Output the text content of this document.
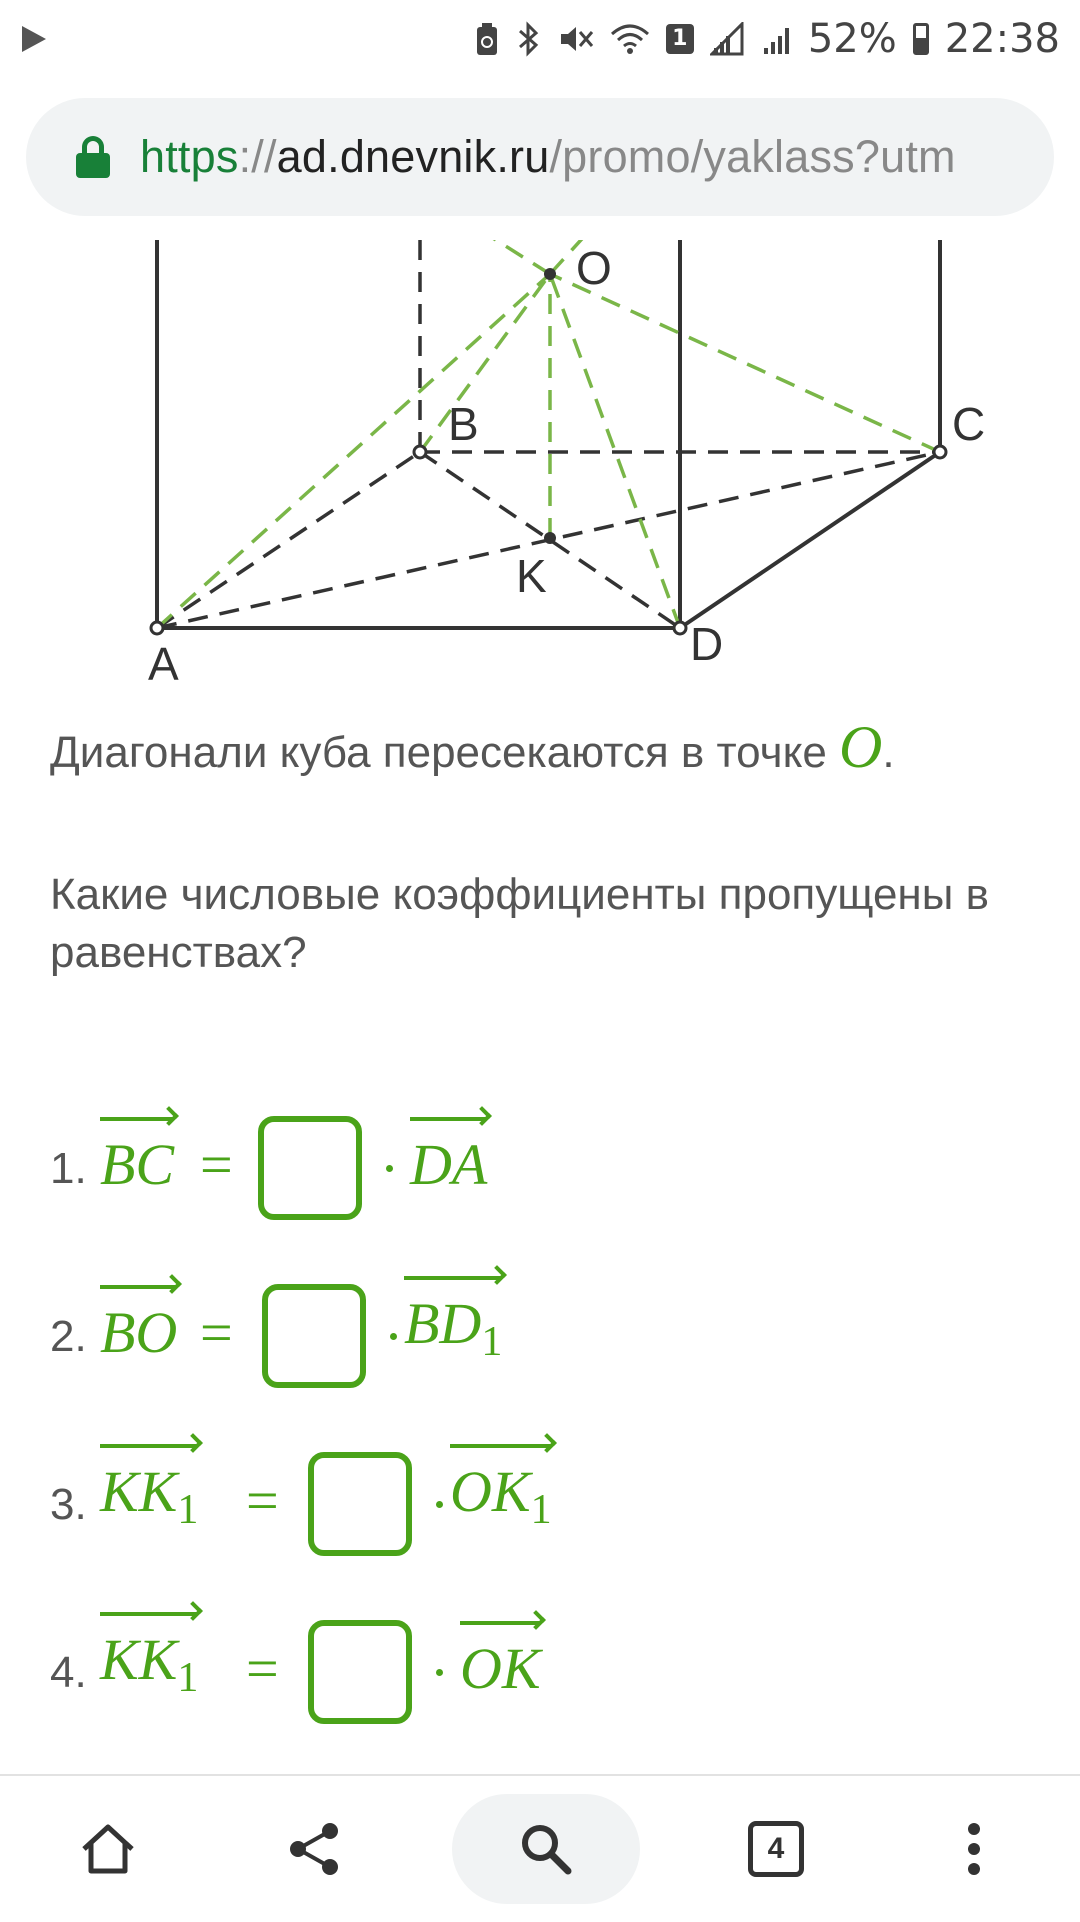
1	52% 22:38
https://ad.dnevnik.ru/promo/yaklass?utm
A
B	C
D
K
O
Диагонали куба пересекаются в точке O.
Какие числовые коэффициенты пропущены в равенствах?
1. BC =	DA
2. BO =	$BD_1$
3. $KK_1$ =	$OK_1$
4. $KK_1$ =	OK
4
